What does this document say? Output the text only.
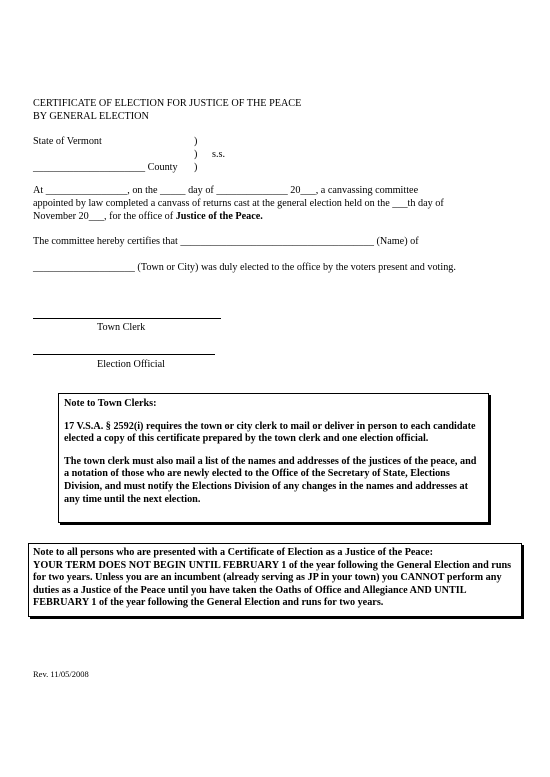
CERTIFICATE OF ELECTION FOR JUSTICE OF THE PEACE
BY GENERAL ELECTION
State of Vermont	)
) s.s.
______________________ County )
At ________________, on the _____ day of ______________ 20___, a canvassing committee
appointed by law completed a canvass of returns cast at the general election held on the ___th day of
November 20___, for the office of Justice of the Peace.
The committee hereby certifies that ______________________________________ (Name) of
____________________ (Town or City) was duly elected to the office by the voters present and voting.
Town Clerk
Election Official

Note to Town Clerks:

17 V.S.A. § 2592(i) requires the town or city clerk to mail or deliver in person to each candidate elected a copy of this certificate prepared by the town clerk and one election official.

The town clerk must also mail a list of the names and addresses of the justices of the peace, and a notation of those who are newly elected to the Office of the Secretary of State, Elections Division, and must notify the Elections Division of any changes in the names and addresses at any time until the next election.

Note to all persons who are presented with a Certificate of Election as a Justice of the Peace:

YOUR TERM DOES NOT BEGIN UNTIL FEBRUARY 1 of the year following the General Election and runs for two years. Unless you are an incumbent (already serving as JP in your town) you CANNOT perform any duties as a Justice of the Peace until you have taken the Oaths of Office and Allegiance AND UNTIL FEBRUARY 1 of the year following the General Election and runs for two years.

Rev. 11/05/2008
